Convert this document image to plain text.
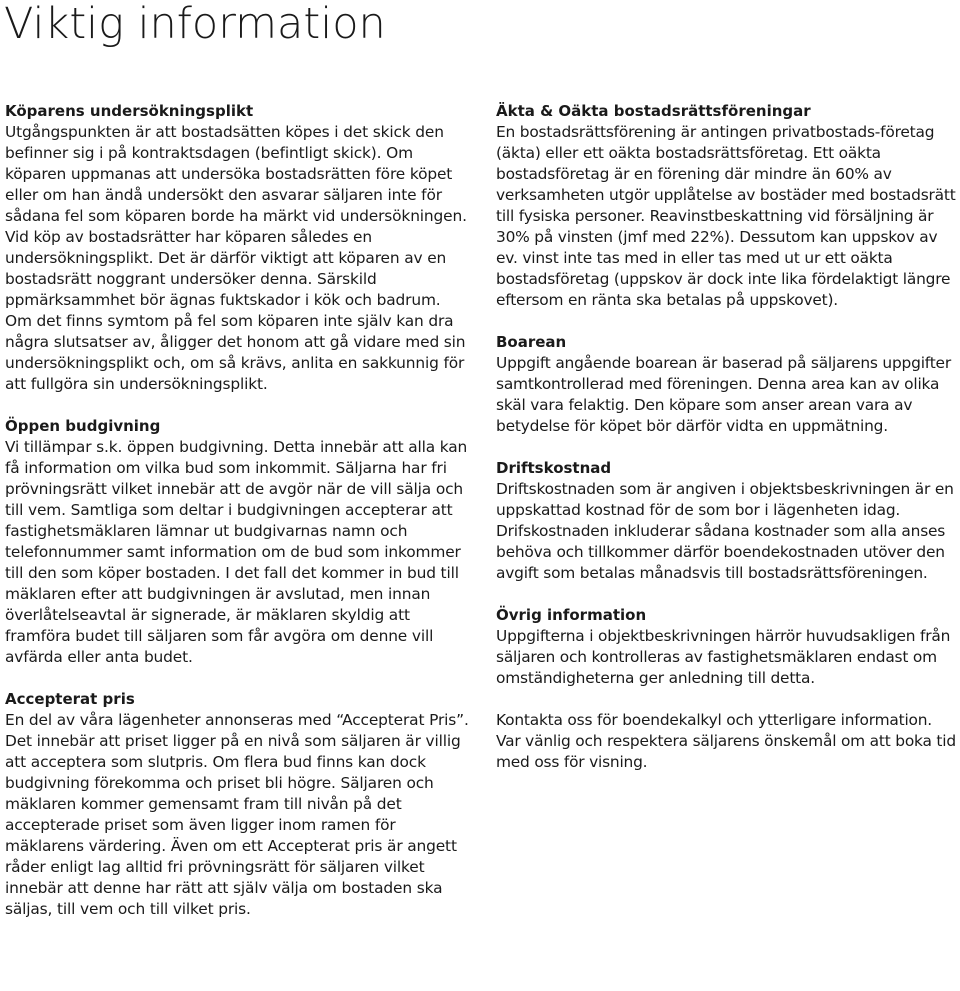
Viktig information
Köparens undersökningsplikt

Utgångspunkten är att bostadsätten köpes i det skick den befinner sig i på kontraktsdagen (befintligt skick). Om köparen uppmanas att undersöka bostadsrätten före köpet eller om han ändå undersökt den asvarar säljaren inte för sådana fel som köparen borde ha märkt vid undersökningen. Vid köp av bostadsrätter har köparen således en undersökningsplikt. Det är därför viktigt att köparen av en bostadsrätt noggrant undersöker denna. Särskild ppmärksammhet bör ägnas fuktskador i kök och badrum. Om det finns symtom på fel som köparen inte själv kan dra några slutsatser av, åligger det honom att gå vidare med sin undersökningsplikt och, om så krävs, anlita en sakkunnig för att fullgöra sin undersökningsplikt.

Öppen budgivning

Vi tillämpar s.k. öppen budgivning. Detta innebär att alla kan få information om vilka bud som inkommit. Säljarna har fri prövningsrätt vilket innebär att de avgör när de vill sälja och till vem. Samtliga som deltar i budgivningen accepterar att fastighetsmäklaren lämnar ut budgivarnas namn och telefonnummer samt information om de bud som inkommer till den som köper bostaden. I det fall det kommer in bud till mäklaren efter att budgivningen är avslutad, men innan överlåtelseavtal är signerade, är mäklaren skyldig att framföra budet till säljaren som får avgöra om denne vill avfärda eller anta budet.

Accepterat pris

En del av våra lägenheter annonseras med “Accepterat Pris”. Det innebär att priset ligger på en nivå som säljaren är villig att acceptera som slutpris. Om flera bud finns kan dock budgivning förekomma och priset bli högre. Säljaren och mäklaren kommer gemensamt fram till nivån på det accepterade priset som även ligger inom ramen för mäklarens värdering. Även om ett Accepterat pris är angett råder enligt lag alltid fri prövningsrätt för säljaren vilket innebär att denne har rätt att själv välja om bostaden ska säljas, till vem och till vilket pris.

Äkta & Oäkta bostadsrättsföreningar

En bostadsrättsförening är antingen privatbostads-företag (äkta) eller ett oäkta bostadsrättsföretag. Ett oäkta bostadsföretag är en förening där mindre än 60% av verksamheten utgör upplåtelse av bostäder med bostadsrätt till fysiska personer. Reavinstbeskattning vid försäljning är 30% på vinsten (jmf med 22%). Dessutom kan uppskov av ev. vinst inte tas med in eller tas med ut ur ett oäkta bostadsföretag (uppskov är dock inte lika fördelaktigt längre eftersom en ränta ska betalas på uppskovet).

Boarean

Uppgift angående boarean är baserad på säljarens uppgifter samtkontrollerad med föreningen. Denna area kan av olika skäl vara felaktig. Den köpare som anser arean vara av betydelse för köpet bör därför vidta en uppmätning.

Driftskostnad

Driftskostnaden som är angiven i objektsbeskrivningen är en uppskattad kostnad för de som bor i lägenheten idag. Drifskostnaden inkluderar sådana kostnader som alla anses behöva och tillkommer därför boendekostnaden utöver den avgift som betalas månadsvis till bostadsrättsföreningen.

Övrig information

Uppgifterna i objektbeskrivningen härrör huvudsakligen från säljaren och kontrolleras av fastighetsmäklaren endast om omständigheterna ger anledning till detta.

Kontakta oss för boendekalkyl och ytterligare information. Var vänlig och respektera säljarens önskemål om att boka tid med oss för visning.
